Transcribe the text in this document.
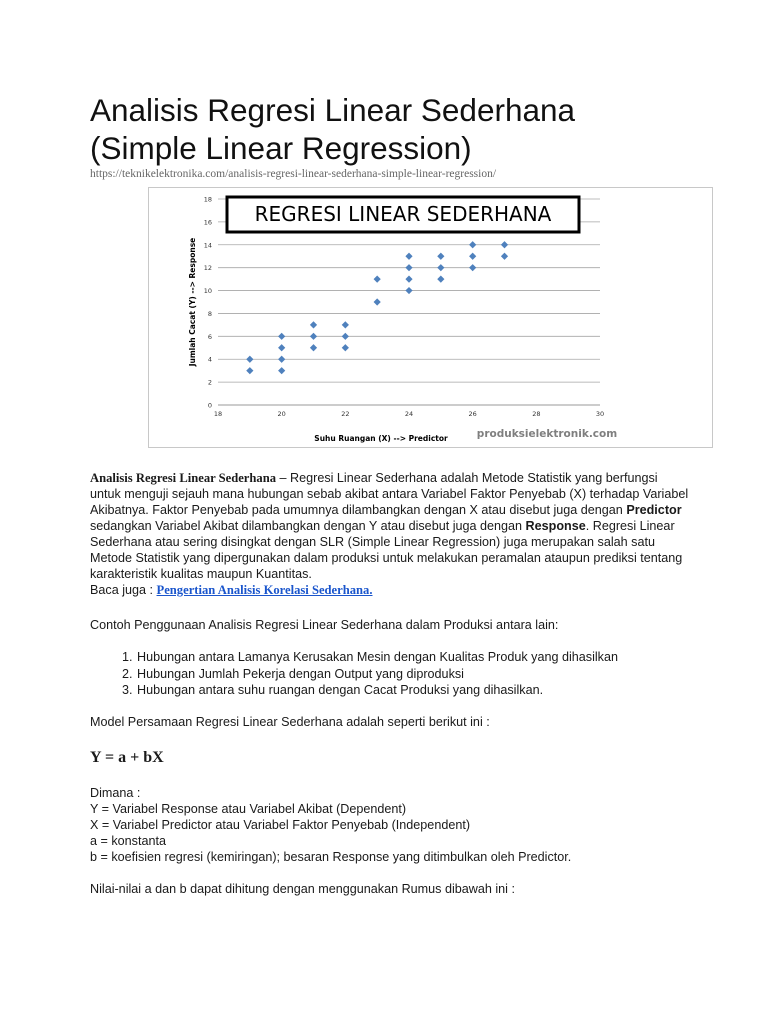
Analisis Regresi Linear Sederhana
(Simple Linear Regression)

https://teknikelektronika.com/analisis-regresi-linear-sederhana-simple-linear-regression/

0
2
4
6
8
10
12
14
16
18
18	20	22	24	26	28	30
REGRESI LINEAR SEDERHANA
Jumlah Cacat (Y) --> Response
Suhu Ruangan (X) --> Predictor	produksielektronik.com

Analisis Regresi Linear Sederhana – Regresi Linear Sederhana adalah Metode Statistik yang berfungsi untuk menguji sejauh mana hubungan sebab akibat antara Variabel Faktor Penyebab (X) terhadap Variabel Akibatnya. Faktor Penyebab pada umumnya dilambangkan dengan X atau disebut juga dengan Predictor sedangkan Variabel Akibat dilambangkan dengan Y atau disebut juga dengan Response. Regresi Linear Sederhana atau sering disingkat dengan SLR (Simple Linear Regression) juga merupakan salah satu Metode Statistik yang dipergunakan dalam produksi untuk melakukan peramalan ataupun prediksi tentang karakteristik kualitas maupun Kuantitas.

Baca juga : Pengertian Analisis Korelasi Sederhana.

Contoh Penggunaan Analisis Regresi Linear Sederhana dalam Produksi antara lain:

1. Hubungan antara Lamanya Kerusakan Mesin dengan Kualitas Produk yang dihasilkan
2. Hubungan Jumlah Pekerja dengan Output yang diproduksi
3. Hubungan antara suhu ruangan dengan Cacat Produksi yang dihasilkan.

Model Persamaan Regresi Linear Sederhana adalah seperti berikut ini :

Y = a + bX

Dimana :
Y = Variabel Response atau Variabel Akibat (Dependent)
X = Variabel Predictor atau Variabel Faktor Penyebab (Independent)
a = konstanta
b = koefisien regresi (kemiringan); besaran Response yang ditimbulkan oleh Predictor.

Nilai-nilai a dan b dapat dihitung dengan menggunakan Rumus dibawah ini :
